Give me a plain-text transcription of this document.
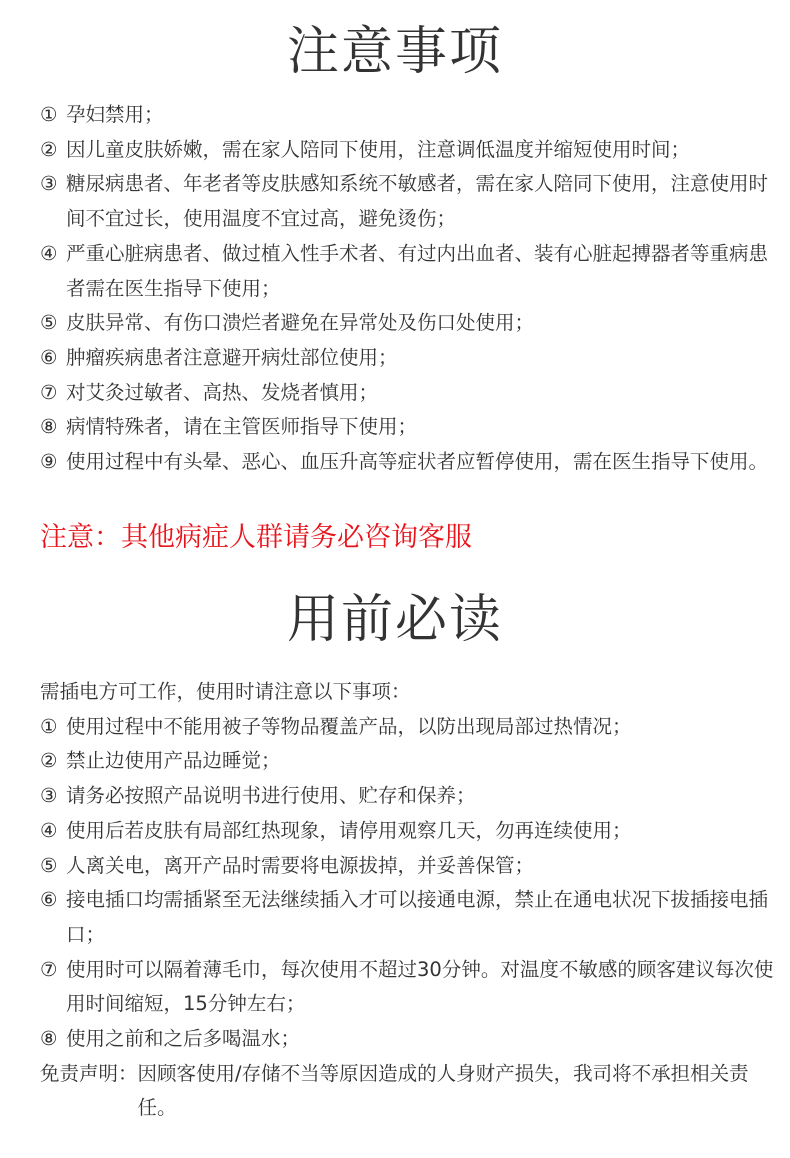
注意事项
① 孕妇禁用；
② 因儿童皮肤娇嫩，需在家人陪同下使用，注意调低温度并缩短使用时间；
③ 糖尿病患者、年老者等皮肤感知系统不敏感者，需在家人陪同下使用，注意使用时间不宜过长，使用温度不宜过高，避免烫伤；
④ 严重心脏病患者、做过植入性手术者、有过内出血者、装有心脏起搏器者等重病患者需在医生指导下使用；
⑤ 皮肤异常、有伤口溃烂者避免在异常处及伤口处使用；
⑥ 肿瘤疾病患者注意避开病灶部位使用；
⑦ 对艾灸过敏者、高热、发烧者慎用；
⑧ 病情特殊者，请在主管医师指导下使用；
⑨ 使用过程中有头晕、恶心、血压升高等症状者应暂停使用，需在医生指导下使用。
注意：其他病症人群请务必咨询客服
用前必读
需插电方可工作，使用时请注意以下事项：
① 使用过程中不能用被子等物品覆盖产品，以防出现局部过热情况；
② 禁止边使用产品边睡觉；
③ 请务必按照产品说明书进行使用、贮存和保养；
④ 使用后若皮肤有局部红热现象，请停用观察几天，勿再连续使用；
⑤ 人离关电，离开产品时需要将电源拔掉，并妥善保管；
⑥ 接电插口均需插紧至无法继续插入才可以接通电源，禁止在通电状况下拔插接电插口；
⑦ 使用时可以隔着薄毛巾，每次使用不超过30分钟。对温度不敏感的顾客建议每次使用时间缩短，15分钟左右；
⑧ 使用之前和之后多喝温水；
免责声明： 因顾客使用/存储不当等原因造成的人身财产损失，我司将不承担相关责任。
